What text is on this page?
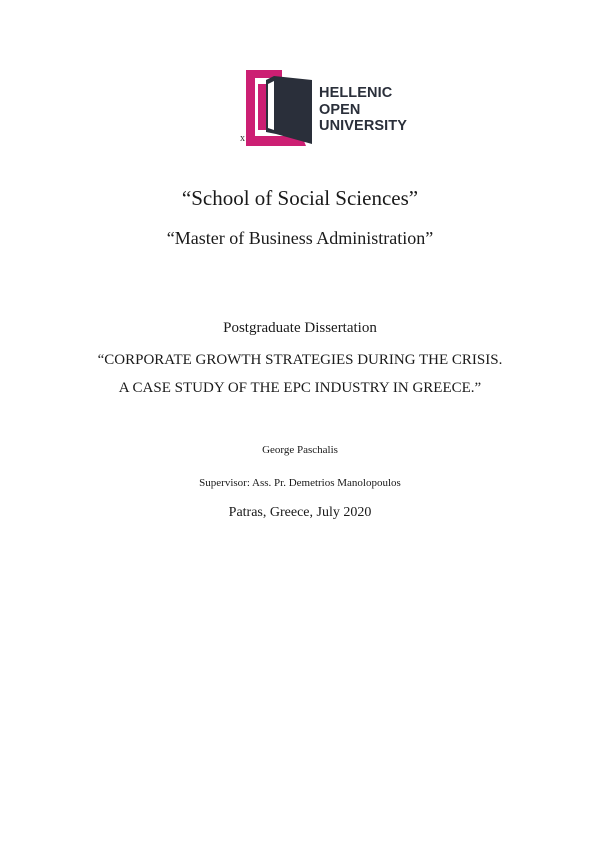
HELLENIC
OPEN
UNIVERSITY
x
“School of Social Sciences”
“Master of Business Administration”
Postgraduate Dissertation
“CORPORATE GROWTH STRATEGIES DURING THE CRISIS.
A CASE STUDY OF THE EPC INDUSTRY IN GREECE.”
George Paschalis
Supervisor: Ass. Pr. Demetrios Manolopoulos
Patras, Greece, July 2020
